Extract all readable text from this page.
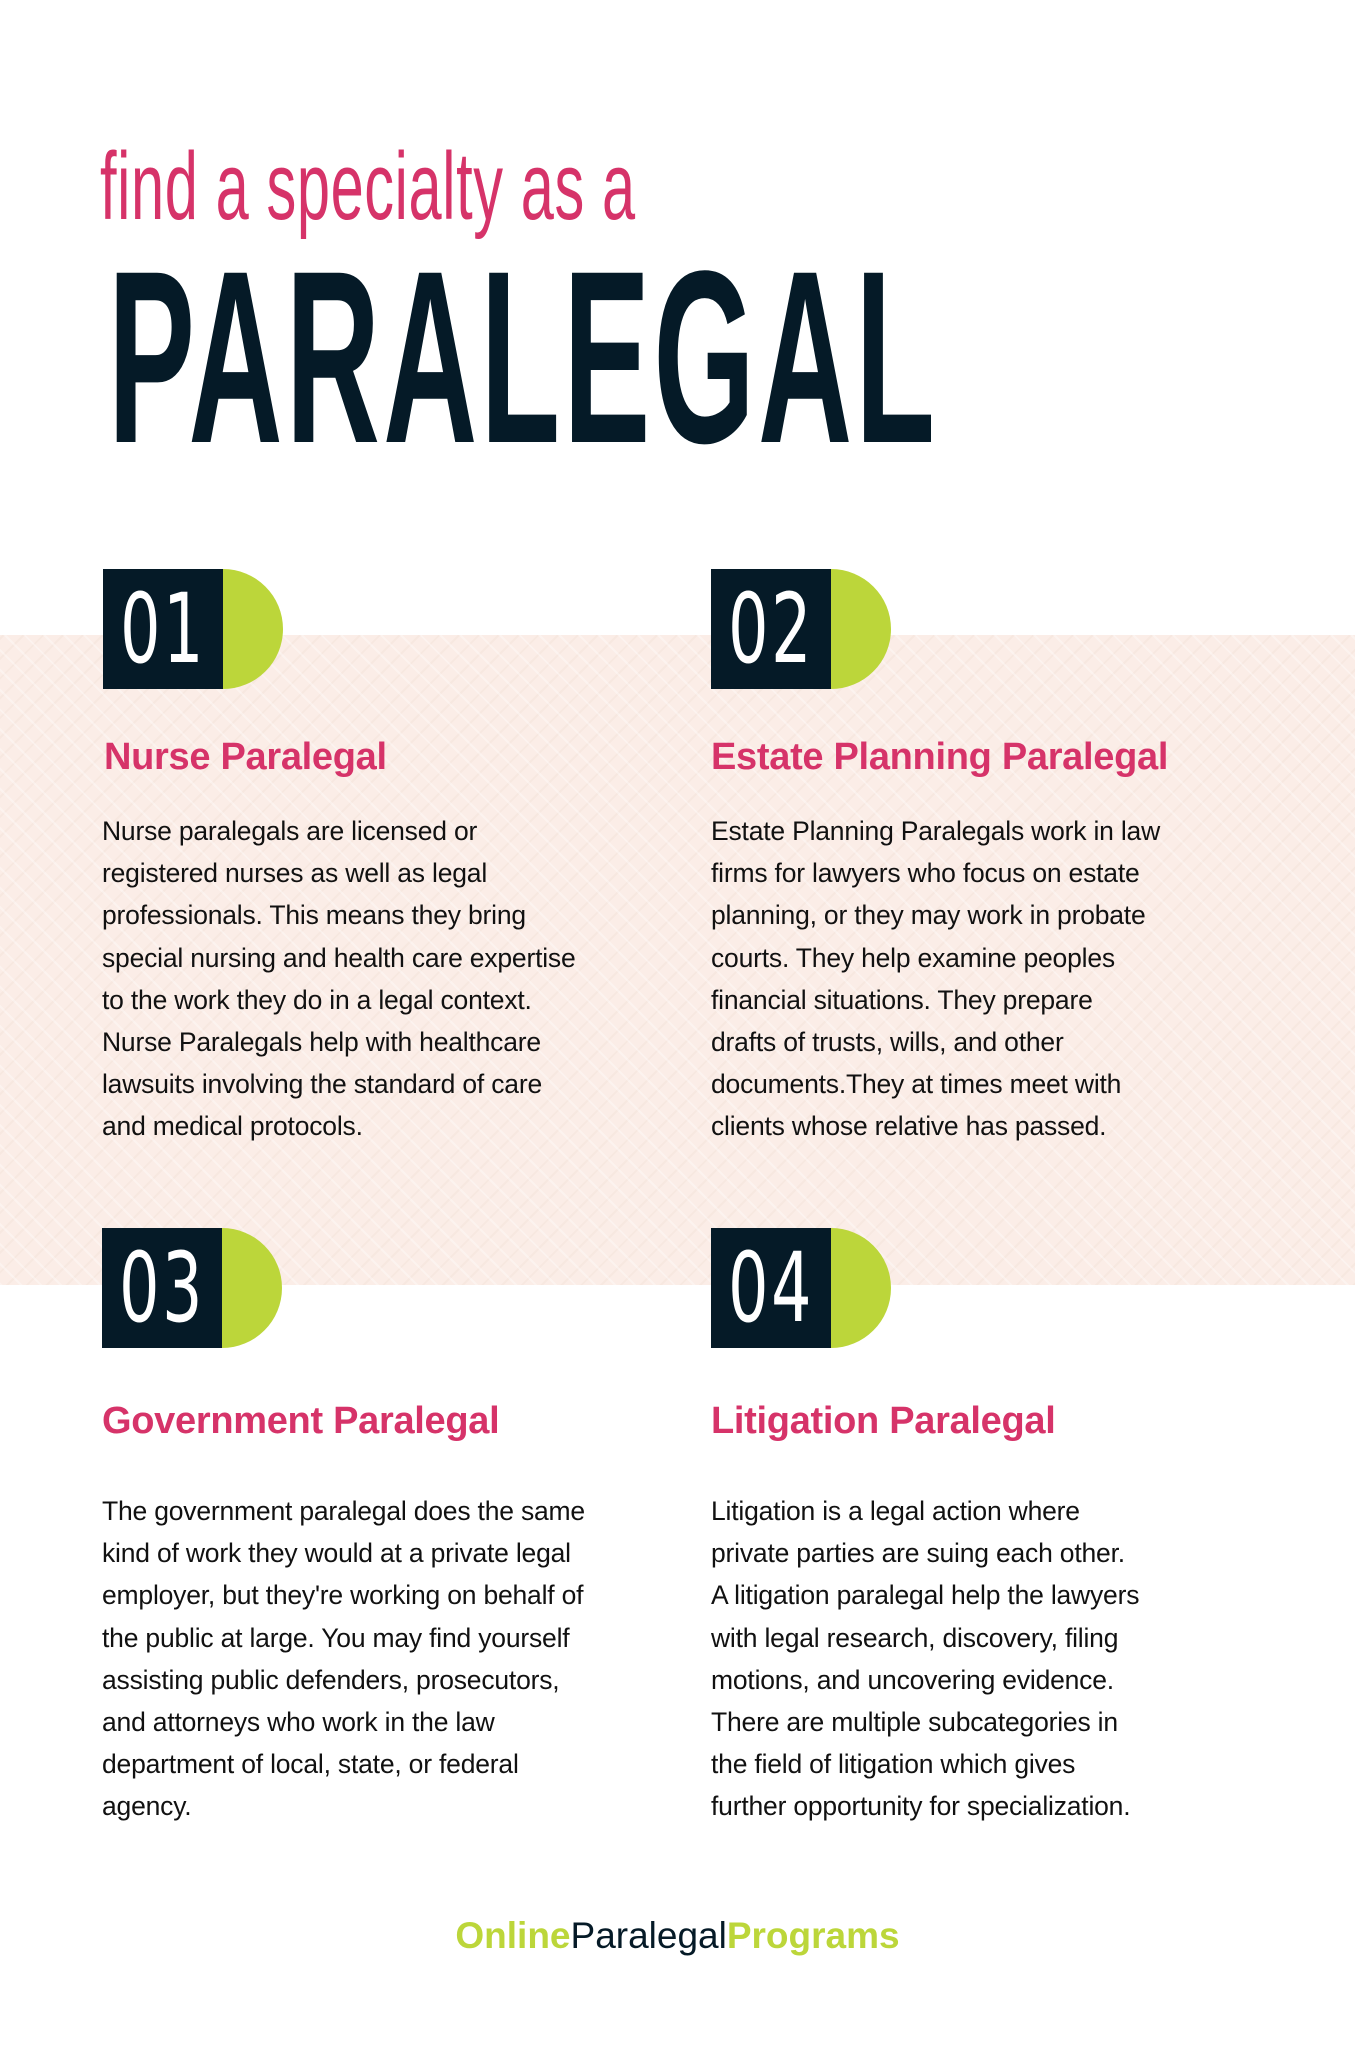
find a specialty as a
PARALEGAL
01
Nurse Paralegal
Nurse paralegals are licensed or
registered nurses as well as legal
professionals. This means they bring
special nursing and health care expertise
to the work they do in a legal context.
Nurse Paralegals help with healthcare
lawsuits involving the standard of care
and medical protocols.
02
Estate Planning Paralegal
Estate Planning Paralegals work in law
firms for lawyers who focus on estate
planning, or they may work in probate
courts. They help examine peoples
financial situations. They prepare
drafts of trusts, wills, and other
documents.They at times meet with
clients whose relative has passed.
03
Government Paralegal
The government paralegal does the same
kind of work they would at a private legal
employer, but they're working on behalf of
the public at large. You may find yourself
assisting public defenders, prosecutors,
and attorneys who work in the law
department of local, state, or federal
agency.
04
Litigation Paralegal
Litigation is a legal action where
private parties are suing each other.
A litigation paralegal help the lawyers
with legal research, discovery, filing
motions, and uncovering evidence.
There are multiple subcategories in
the field of litigation which gives
further opportunity for specialization.
OnlineParalegalPrograms
